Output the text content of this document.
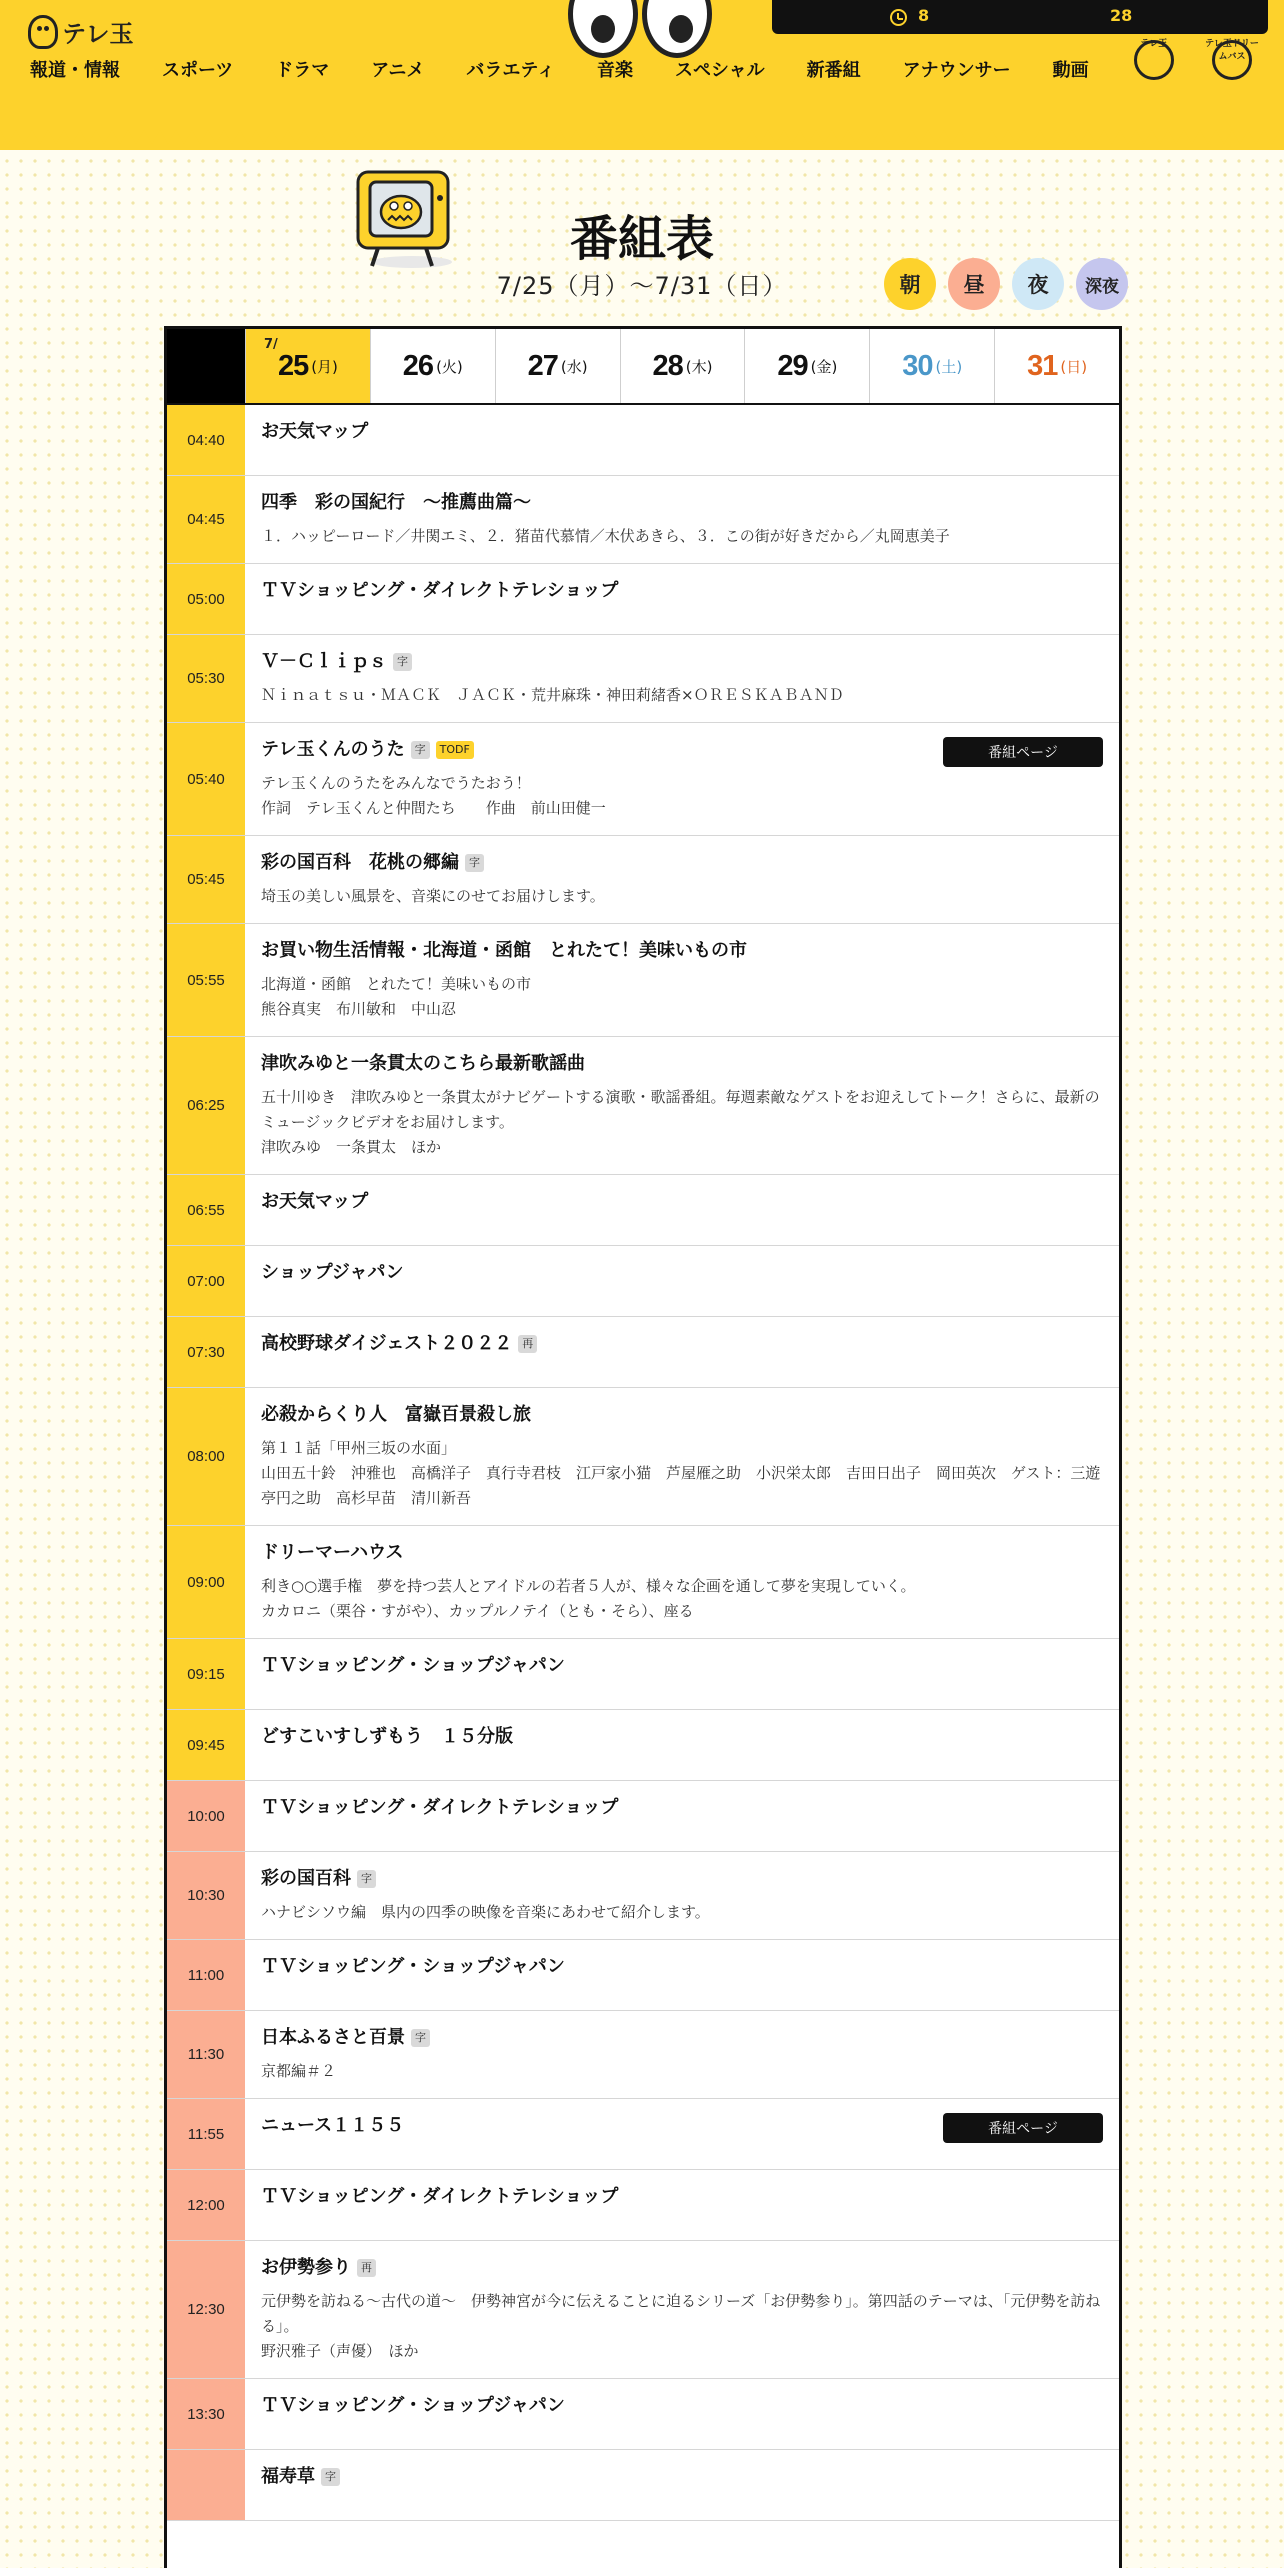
テレ玉
8	28
報道・情報 スポーツ ドラマ アニメ バラエティ 音楽 スペシャル 新番組 アナウンサー 動画
テレ玉	テレ玉ドリームバス
番組表
7/25（月）〜7/31（日）	朝	昼	夜	深夜
7/
25 (月) 26 (火) 27 (水) 28 (木) 29 (金) 30 (土) 31 (日)
04:40	お天気マップ
04:45
四季　彩の国紀行　～推薦曲篇～
１．ハッピーロード／井関エミ、２．猪苗代慕情／木伏あきら、３．この街が好きだから／丸岡恵美子
05:00	ＴＶショッピング・ダイレクトテレショップ
05:30
Ｖ－Ｃｌｉｐｓ 字
Ｎｉｎａｔｓｕ・ＭＡＣＫ　ＪＡＣＫ・荒井麻珠・神田莉緒香×ＯＲＥＳＫＡＢＡＮＤ
05:40
テレ玉くんのうた 字	TODF
テレ玉くんのうたをみんなでうたおう！
作詞　テレ玉くんと仲間たち　　作曲　前山田健一
番組ページ
05:45
彩の国百科　花桃の郷編 字
埼玉の美しい風景を、音楽にのせてお届けします。
05:55
お買い物生活情報・北海道・函館　とれたて！美味いもの市
北海道・函館　とれたて！美味いもの市
熊谷真実　布川敏和　中山忍
06:25
津吹みゆと一条貫太のこちら最新歌謡曲
五十川ゆき　津吹みゆと一条貫太がナビゲートする演歌・歌謡番組。毎週素敵なゲストをお迎えしてトーク！さらに、最新のミュージックビデオをお届けします。
津吹みゆ　一条貫太　ほか
06:55	お天気マップ
07:00	ショップジャパン
07:30	高校野球ダイジェスト２０２２ 再
08:00
必殺からくり人　富嶽百景殺し旅
第１１話「甲州三坂の水面」
山田五十鈴　沖雅也　高橋洋子　真行寺君枝　江戸家小猫　芦屋雁之助　小沢栄太郎　吉田日出子　岡田英次　ゲスト：三遊亭円之助　高杉早苗　清川新吾
09:00
ドリーマーハウス
利き○○選手権　夢を持つ芸人とアイドルの若者５人が、様々な企画を通して夢を実現していく。
カカロニ（栗谷・すがや）、カップルノテイ（とも・そら）、座る
09:15	ＴＶショッピング・ショップジャパン
09:45	どすこいすしずもう　１５分版
10:00	ＴＶショッピング・ダイレクトテレショップ
10:30
彩の国百科 字
ハナビシソウ編　県内の四季の映像を音楽にあわせて紹介します。
11:00	ＴＶショッピング・ショップジャパン
11:30
日本ふるさと百景 字
京都編＃２
11:55	ニュース１１５５	番組ページ
12:00	ＴＶショッピング・ダイレクトテレショップ
12:30
お伊勢参り 再
元伊勢を訪ねる～古代の道～　伊勢神宮が今に伝えることに迫るシリーズ「お伊勢参り」。第四話のテーマは、「元伊勢を訪ねる」。
野沢雅子（声優）　ほか
13:30	ＴＶショッピング・ショップジャパン
福寿草 字
